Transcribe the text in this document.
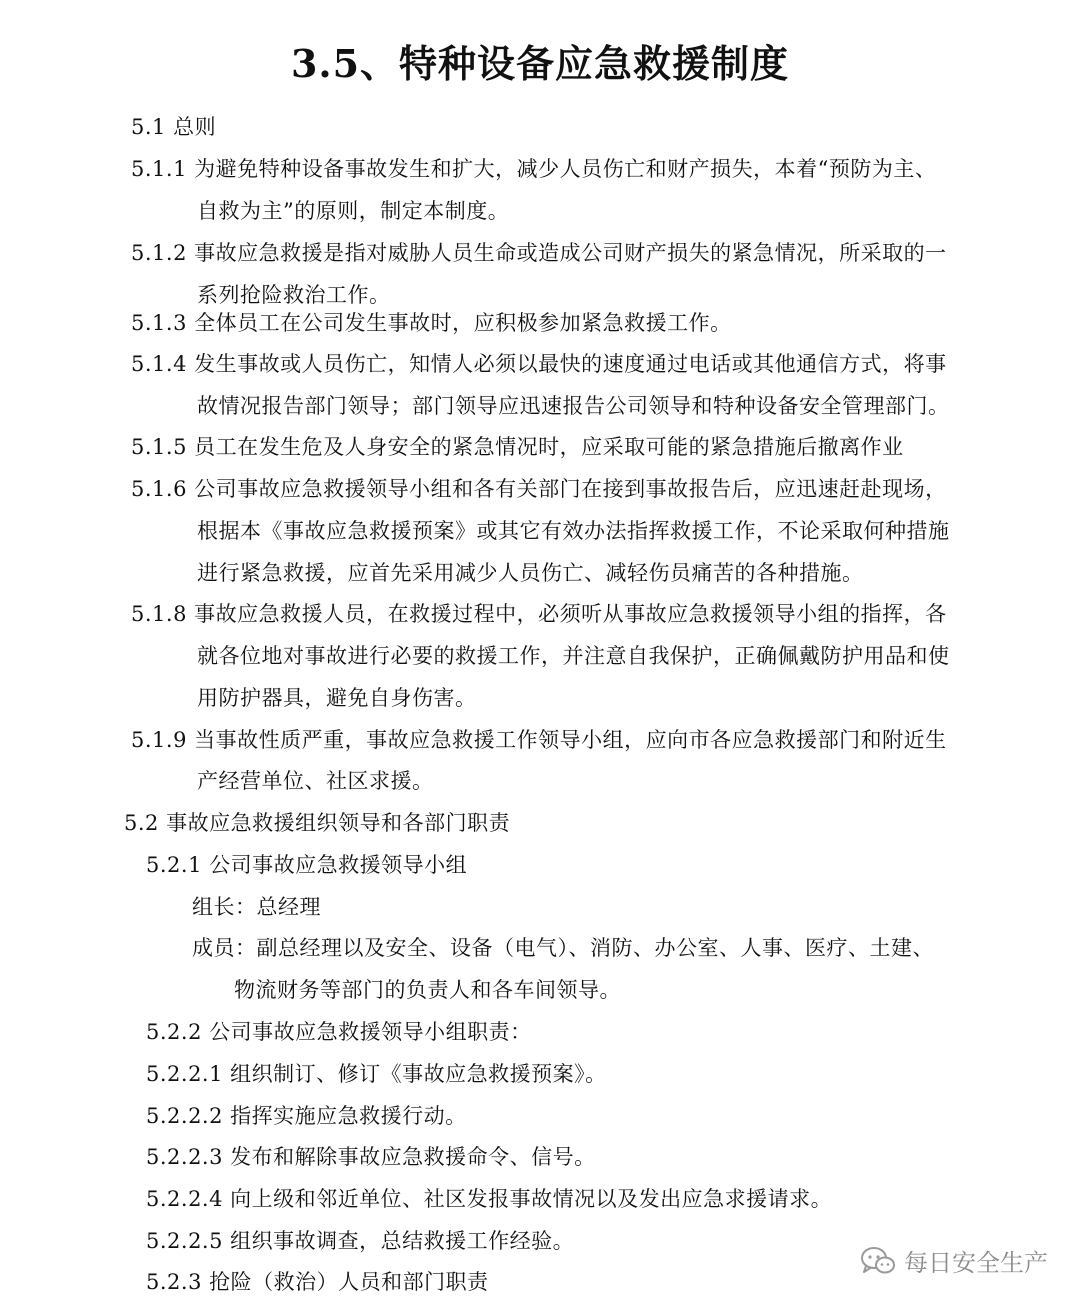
3.5、特种设备应急救援制度
5.1 总则
5.1.1 为避免特种设备事故发生和扩大，减少人员伤亡和财产损失，本着“预防为主、
自救为主”的原则，制定本制度。
5.1.2 事故应急救援是指对威胁人员生命或造成公司财产损失的紧急情况，所采取的一
系列抢险救治工作。
5.1.3 全体员工在公司发生事故时，应积极参加紧急救援工作。
5.1.4 发生事故或人员伤亡，知情人必须以最快的速度通过电话或其他通信方式，将事
故情况报告部门领导；部门领导应迅速报告公司领导和特种设备安全管理部门。
5.1.5 员工在发生危及人身安全的紧急情况时，应采取可能的紧急措施后撤离作业
5.1.6 公司事故应急救援领导小组和各有关部门在接到事故报告后，应迅速赶赴现场，
根据本《事故应急救援预案》或其它有效办法指挥救援工作，不论采取何种措施
进行紧急救援，应首先采用减少人员伤亡、减轻伤员痛苦的各种措施。
5.1.8 事故应急救援人员，在救援过程中，必须听从事故应急救援领导小组的指挥，各
就各位地对事故进行必要的救援工作，并注意自我保护，正确佩戴防护用品和使
用防护器具，避免自身伤害。
5.1.9 当事故性质严重，事故应急救援工作领导小组，应向市各应急救援部门和附近生
产经营单位、社区求援。
5.2 事故应急救援组织领导和各部门职责
5.2.1 公司事故应急救援领导小组
组长：总经理
成员：副总经理以及安全、设备（电气）、消防、办公室、人事、医疗、土建、
物流财务等部门的负责人和各车间领导。
5.2.2 公司事故应急救援领导小组职责：
5.2.2.1 组织制订、修订《事故应急救援预案》。
5.2.2.2 指挥实施应急救援行动。
5.2.2.3 发布和解除事故应急救援命令、信号。
5.2.2.4 向上级和邻近单位、社区发报事故情况以及发出应急求援请求。
5.2.2.5 组织事故调查，总结救援工作经验。
5.2.3 抢险（救治）人员和部门职责
每日安全生产
